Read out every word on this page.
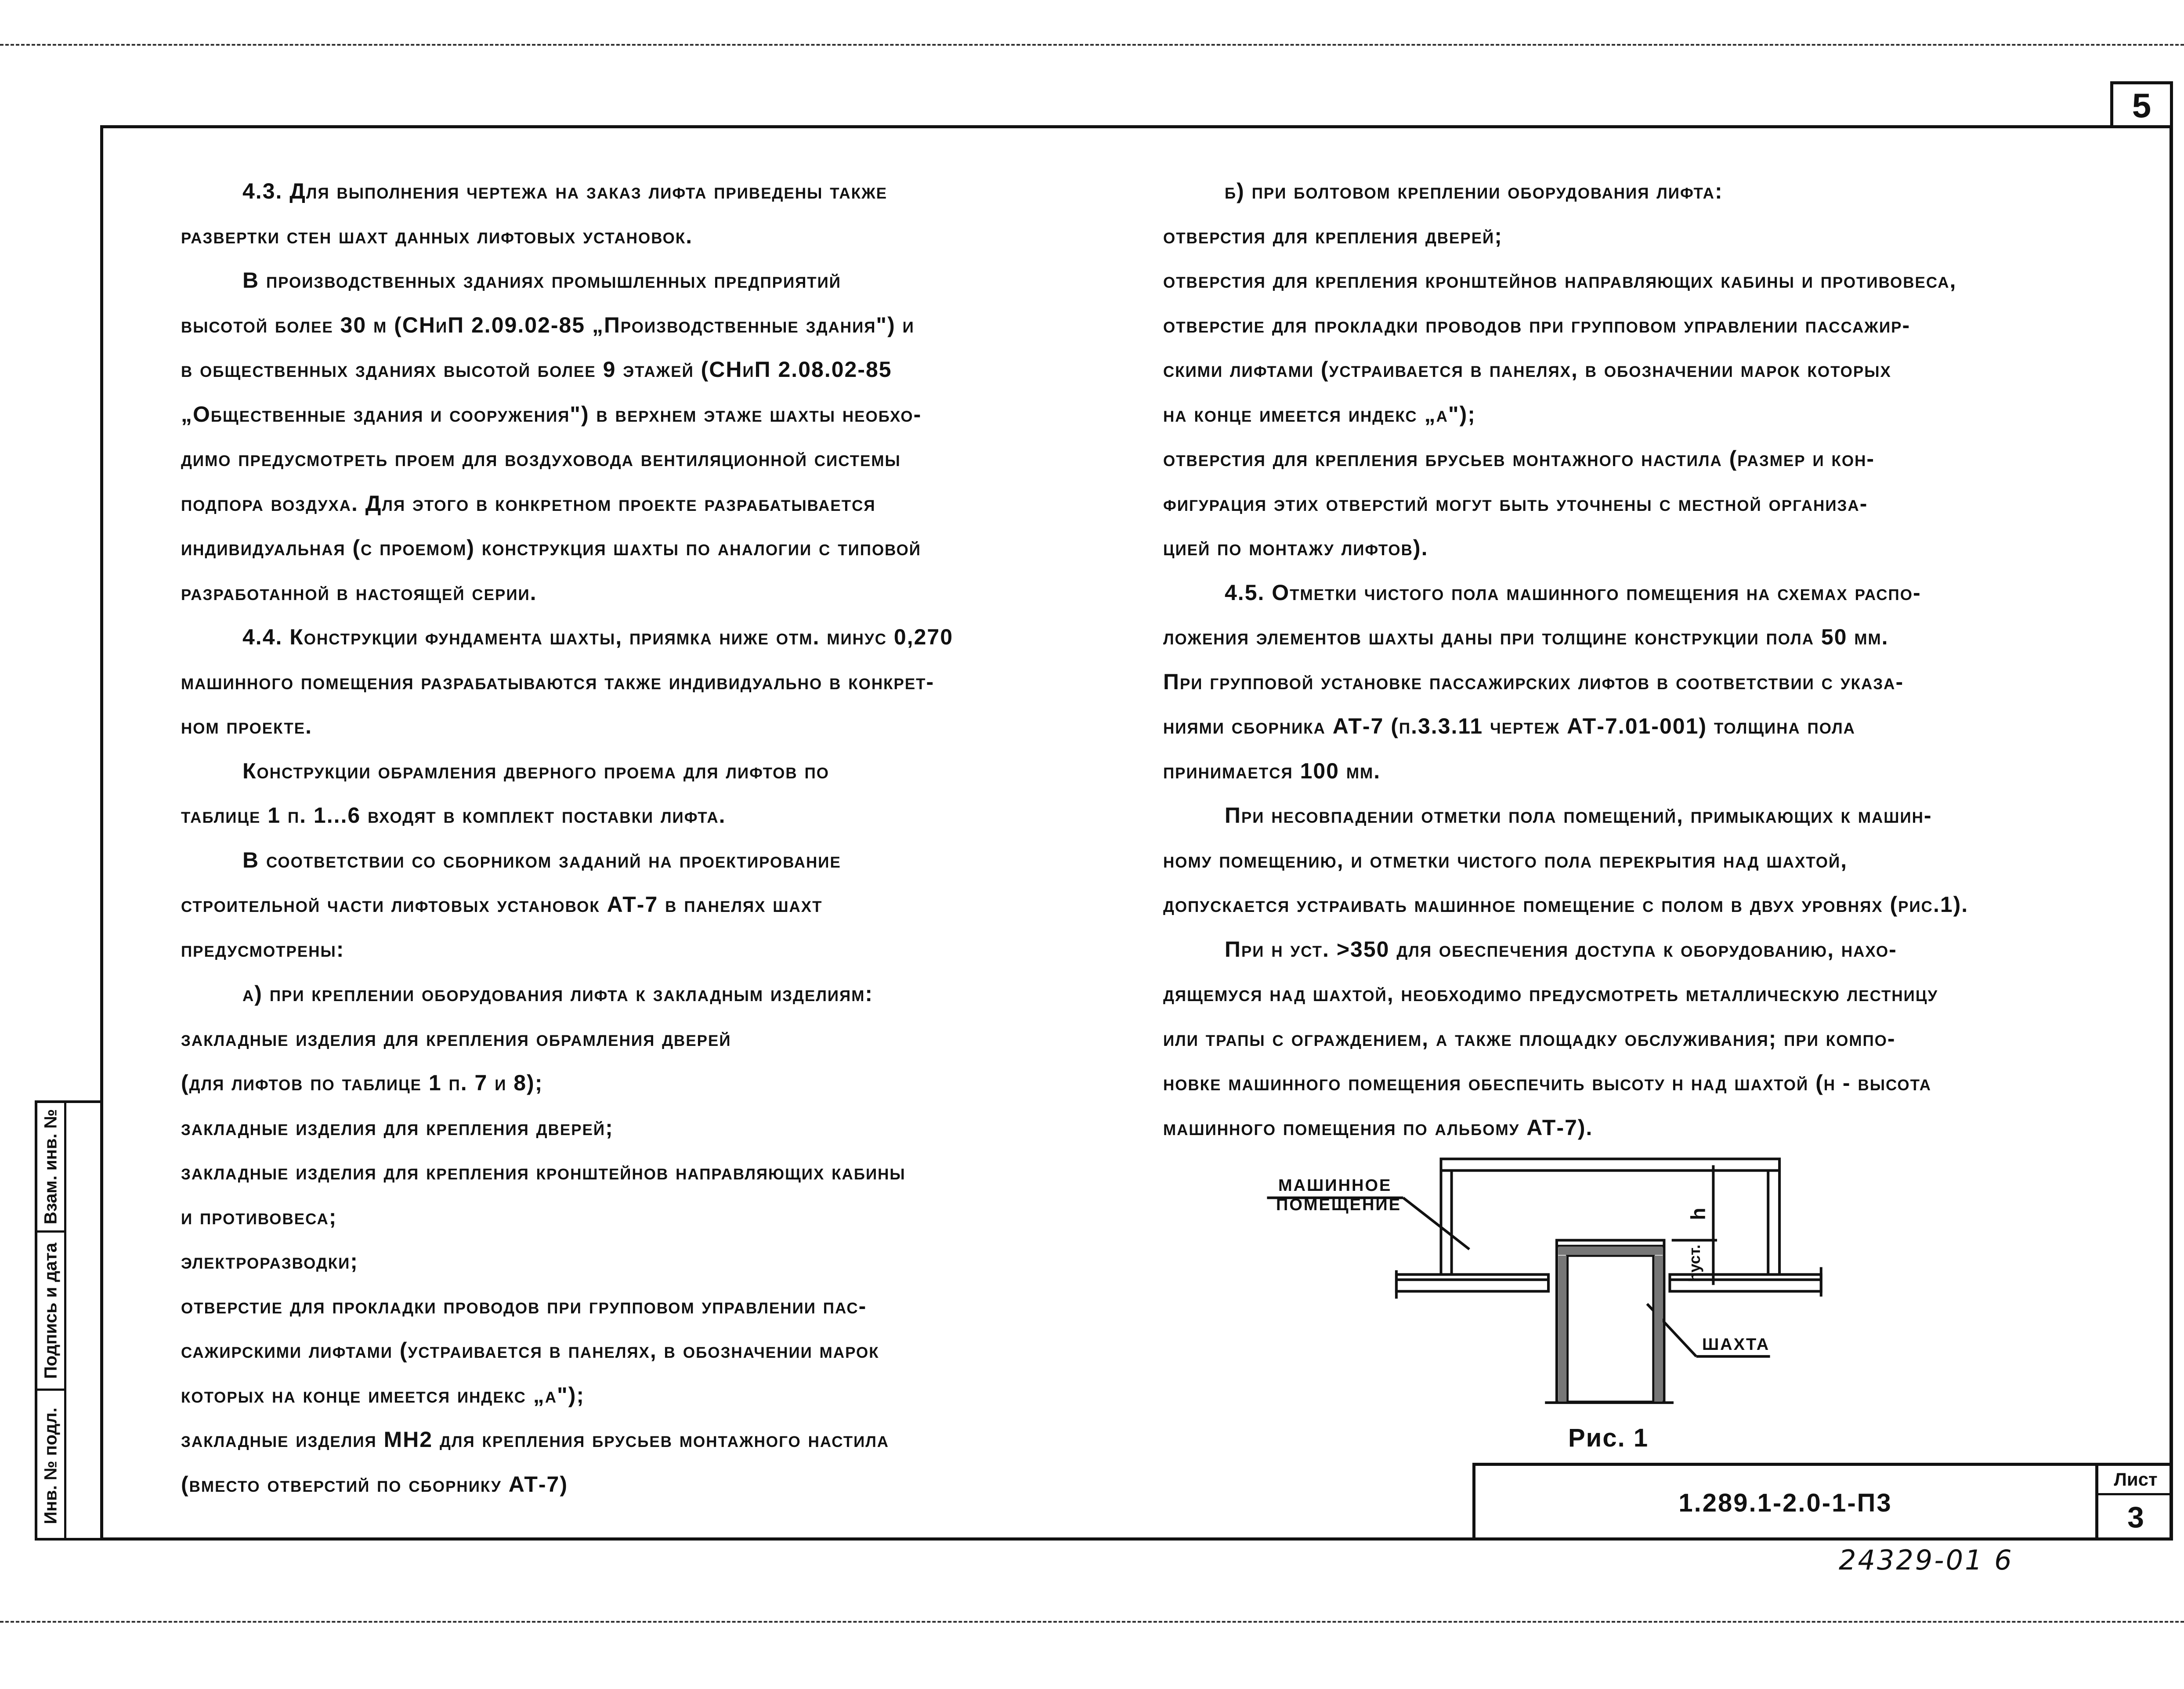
5
4.3. Для выполнения чертежа на заказ лифта приведены также
развертки стен шахт данных лифтовых установок.
В производственных зданиях промышленных предприятий
высотой более 30 м (СНиП 2.09.02-85 „Производственные здания") и
в общественных зданиях высотой более 9 этажей (СНиП 2.08.02-85
„Общественные здания и сооружения") в верхнем этаже шахты необхо-
димо предусмотреть проем для воздуховода вентиляционной системы
подпора воздуха. Для этого в конкретном проекте разрабатывается
индивидуальная (с проемом) конструкция шахты по аналогии с типовой
разработанной в настоящей серии.
4.4. Конструкции фундамента шахты, приямка ниже отм. минус 0,270
машинного помещения разрабатываются также индивидуально в конкрет-
ном проекте.
Конструкции обрамления дверного проема для лифтов по
таблице 1 п. 1...6 входят в комплект поставки лифта.
В соответствии со сборником заданий на проектирование
строительной части лифтовых установок АТ-7 в панелях шахт
предусмотрены:
а) при креплении оборудования лифта к закладным изделиям:
закладные изделия для крепления обрамления дверей
(для лифтов по таблице 1 п. 7 и 8);
закладные изделия для крепления дверей;
закладные изделия для крепления кронштейнов направляющих кабины
и противовеса;
электроразводки;
отверстие для прокладки проводов при групповом управлении пас-
сажирскими лифтами (устраивается в панелях, в обозначении марок
которых на конце имеется индекс „а");
закладные изделия МН2 для крепления брусьев монтажного настила
(вместо отверстий по сборнику АТ-7)
б) при болтовом креплении оборудования лифта:
отверстия для крепления дверей;
отверстия для крепления кронштейнов направляющих кабины и противовеса,
отверстие для прокладки проводов при групповом управлении пассажир-
скими лифтами (устраивается в панелях, в обозначении марок которых
на конце имеется индекс „а");
отверстия для крепления брусьев монтажного настила (размер и кон-
фигурация этих отверстий могут быть уточнены с местной организа-
цией по монтажу лифтов).
4.5. Отметки чистого пола машинного помещения на схемах распо-
ложения элементов шахты даны при толщине конструкции пола 50 мм.
При групповой установке пассажирских лифтов в соответствии с указа-
ниями сборника АТ-7 (п.3.3.11 чертеж АТ-7.01-001) толщина пола
принимается 100 мм.
При несовпадении отметки пола помещений, примыкающих к машин-
ному помещению, и отметки чистого пола перекрытия над шахтой,
допускается устраивать машинное помещение с полом в двух уровнях (рис.1).
При h уст. >350 для обеспечения доступа к оборудованию, нахо-
дящемуся над шахтой, необходимо предусмотреть металлическую лестницу
или трапы с ограждением, а также площадку обслуживания; при компо-
новке машинного помещения обеспечить высоту h над шахтой (h - высота
машинного помещения по альбому АТ-7).
МАШИННОЕ
ПОМЕЩЕНИЕ	h
hуст.
ШАХТА
Рис. 1
Взам. инв. №
Подпись и дата
Инв. № подл.	1.289.1-2.0-1-П3
Лист
3
24329-01 6
